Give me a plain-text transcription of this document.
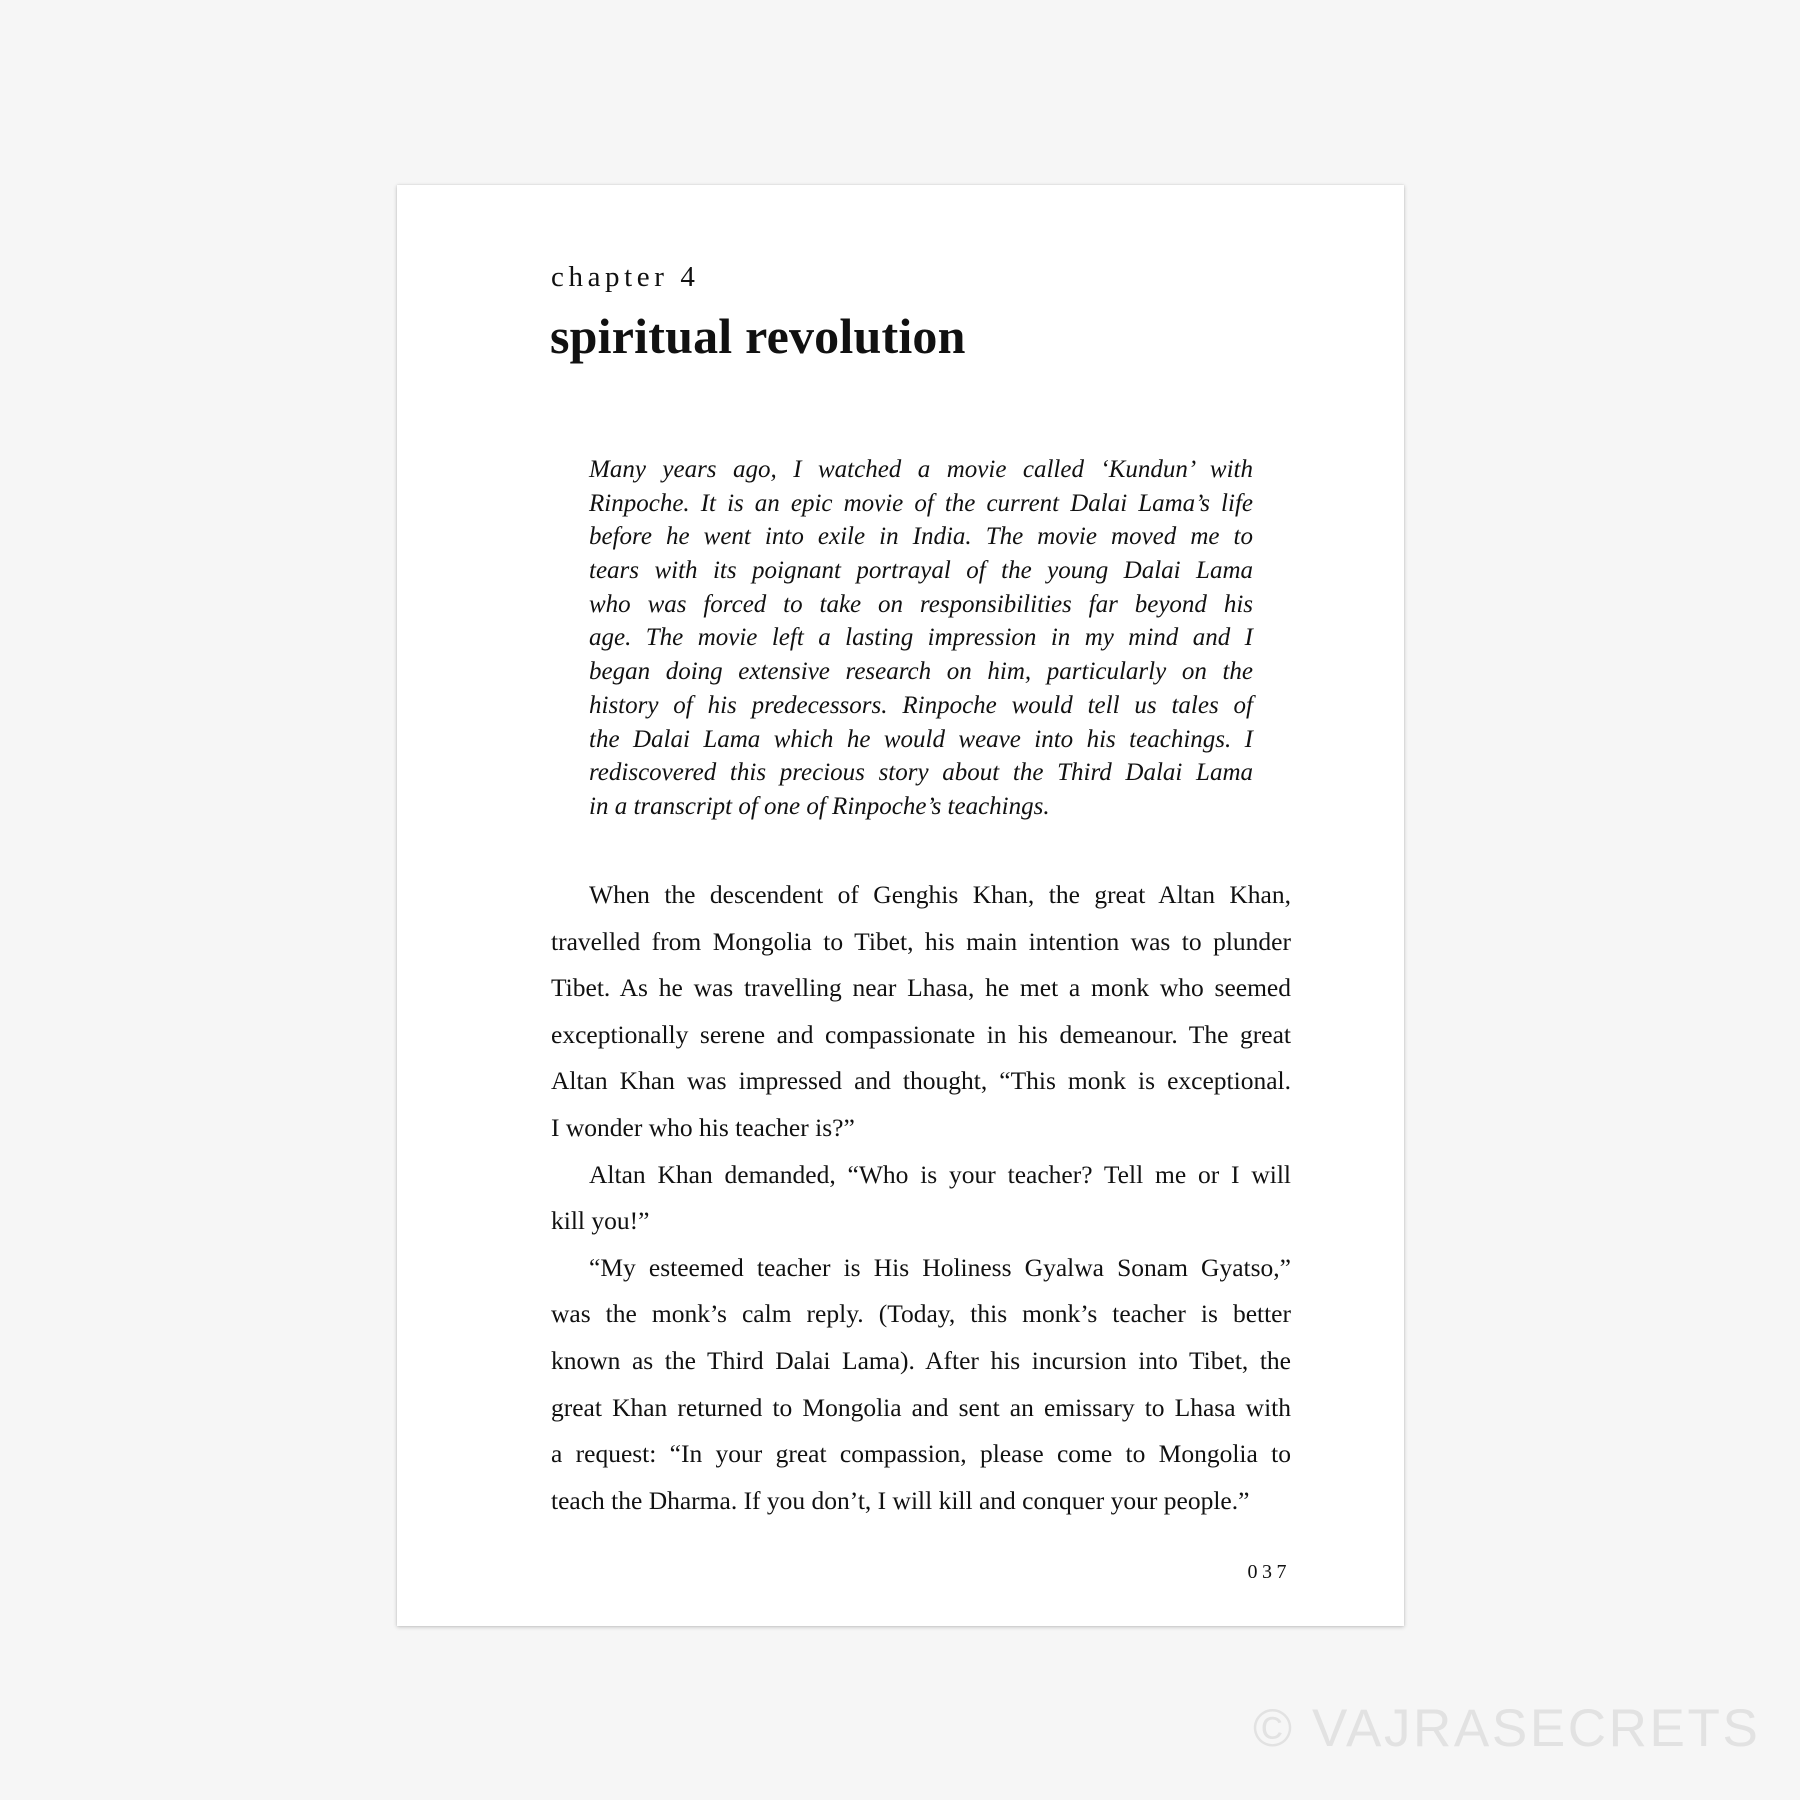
chapter 4
spiritual revolution
Many years ago, I watched a movie called ‘Kundun’ with
Rinpoche. It is an epic movie of the current Dalai Lama’s life
before he went into exile in India. The movie moved me to
tears with its poignant portrayal of the young Dalai Lama
who was forced to take on responsibilities far beyond his
age. The movie left a lasting impression in my mind and I
began doing extensive research on him, particularly on the
history of his predecessors. Rinpoche would tell us tales of
the Dalai Lama which he would weave into his teachings. I
rediscovered this precious story about the Third Dalai Lama
in a transcript of one of Rinpoche’s teachings.
When the descendent of Genghis Khan, the great Altan Khan,
travelled from Mongolia to Tibet, his main intention was to plunder
Tibet. As he was travelling near Lhasa, he met a monk who seemed
exceptionally serene and compassionate in his demeanour. The great
Altan Khan was impressed and thought, “This monk is exceptional.
I wonder who his teacher is?”
Altan Khan demanded, “Who is your teacher? Tell me or I will
kill you!”
“My esteemed teacher is His Holiness Gyalwa Sonam Gyatso,”
was the monk’s calm reply. (Today, this monk’s teacher is better
known as the Third Dalai Lama). After his incursion into Tibet, the
great Khan returned to Mongolia and sent an emissary to Lhasa with
a request: “In your great compassion, please come to Mongolia to
teach the Dharma. If you don’t, I will kill and conquer your people.”
037
© VAJRASECRETS
